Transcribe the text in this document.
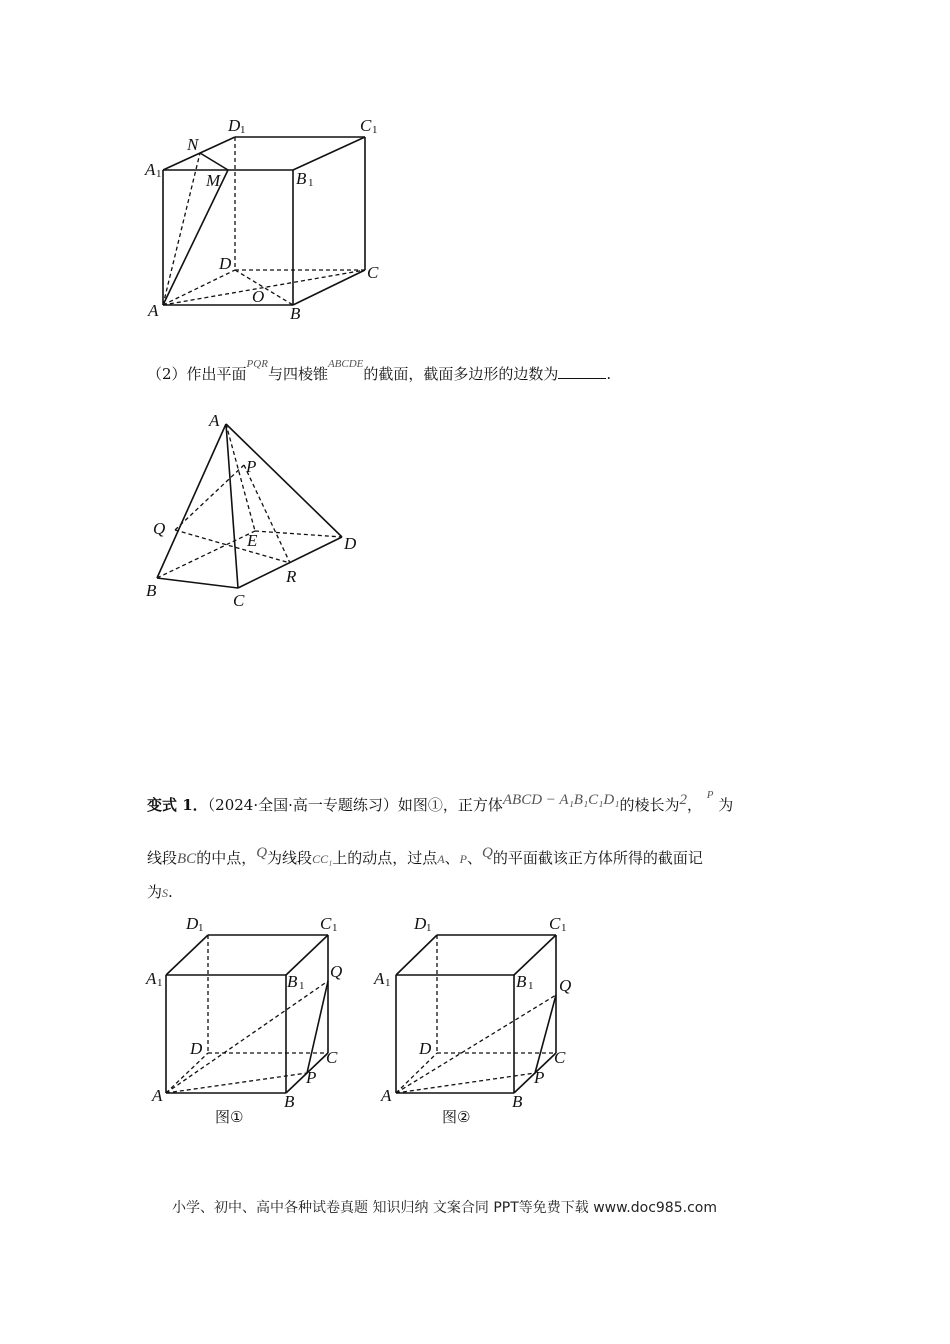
D 1	C 1
N
A 1	M	B 1
D	C
O
A	B
（2）作出平面$^{PQR}$与四棱锥$^{ABCDE}$的截面，截面多边形的边数为	.
A
P
Q
E	D
R
B
C
变式 1．（2024·全国·高一专题练习）如图①，正方体ABCD − A₁B₁C₁D₁的棱长为2， $^P$ 为
线段BC的中点，Q为线段CC₁上的动点，过点A、P、Q的平面截该正方体所得的截面记
为S.
D 1	C 1
A 1	B 1
Q
D	C
P
A	B
D 1	C 1
A 1	B 1 Q
D	C
P
A	B
图①	图②
小学、初中、高中各种试卷真题 知识归纳 文案合同 PPT等免费下载 www.doc985.com
